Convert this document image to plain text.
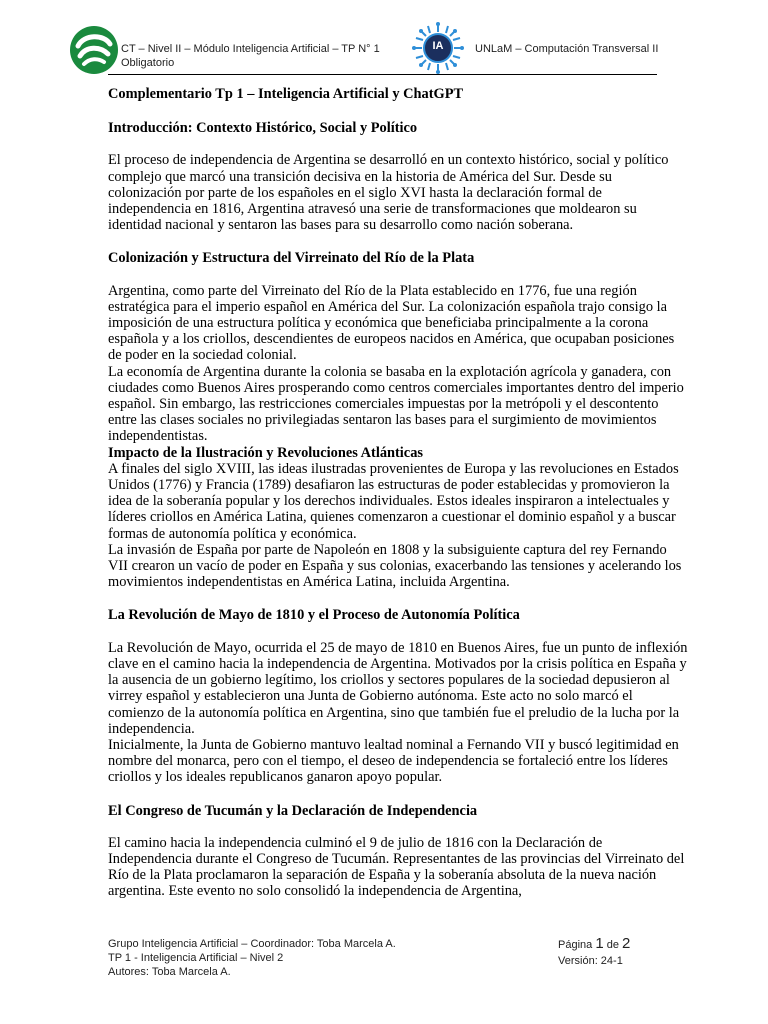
CT – Nivel II – Módulo Inteligencia Artificial – TP N° 1 Obligatorio
IA	UNLaM – Computación Transversal II
Complementario Tp 1 – Inteligencia Artificial y ChatGPT
Introducción: Contexto Histórico, Social y Político

El proceso de independencia de Argentina se desarrolló en un contexto histórico, social y político complejo que marcó una transición decisiva en la historia de América del Sur. Desde su colonización por parte de los españoles en el siglo XVI hasta la declaración formal de independencia en 1816, Argentina atravesó una serie de transformaciones que moldearon su identidad nacional y sentaron las bases para su desarrollo como nación soberana.

Colonización y Estructura del Virreinato del Río de la Plata

Argentina, como parte del Virreinato del Río de la Plata establecido en 1776, fue una región estratégica para el imperio español en América del Sur. La colonización española trajo consigo la imposición de una estructura política y económica que beneficiaba principalmente a la corona española y a los criollos, descendientes de europeos nacidos en América, que ocupaban posiciones de poder en la sociedad colonial.

La economía de Argentina durante la colonia se basaba en la explotación agrícola y ganadera, con ciudades como Buenos Aires prosperando como centros comerciales importantes dentro del imperio español. Sin embargo, las restricciones comerciales impuestas por la metrópoli y el descontento entre las clases sociales no privilegiadas sentaron las bases para el surgimiento de movimientos independentistas.

Impacto de la Ilustración y Revoluciones Atlánticas

A finales del siglo XVIII, las ideas ilustradas provenientes de Europa y las revoluciones en Estados Unidos (1776) y Francia (1789) desafiaron las estructuras de poder establecidas y promovieron la idea de la soberanía popular y los derechos individuales. Estos ideales inspiraron a intelectuales y líderes criollos en América Latina, quienes comenzaron a cuestionar el dominio español y a buscar formas de autonomía política y económica.

La invasión de España por parte de Napoleón en 1808 y la subsiguiente captura del rey Fernando VII crearon un vacío de poder en España y sus colonias, exacerbando las tensiones y acelerando los movimientos independentistas en América Latina, incluida Argentina.

La Revolución de Mayo de 1810 y el Proceso de Autonomía Política

La Revolución de Mayo, ocurrida el 25 de mayo de 1810 en Buenos Aires, fue un punto de inflexión clave en el camino hacia la independencia de Argentina. Motivados por la crisis política en España y la ausencia de un gobierno legítimo, los criollos y sectores populares de la sociedad depusieron al virrey español y establecieron una Junta de Gobierno autónoma. Este acto no solo marcó el comienzo de la autonomía política en Argentina, sino que también fue el preludio de la lucha por la independencia.

Inicialmente, la Junta de Gobierno mantuvo lealtad nominal a Fernando VII y buscó legitimidad en nombre del monarca, pero con el tiempo, el deseo de independencia se fortaleció entre los líderes criollos y los ideales republicanos ganaron apoyo popular.

El Congreso de Tucumán y la Declaración de Independencia

El camino hacia la independencia culminó el 9 de julio de 1816 con la Declaración de Independencia durante el Congreso de Tucumán. Representantes de las provincias del Virreinato del Río de la Plata proclamaron la separación de España y la soberanía absoluta de la nueva nación argentina. Este evento no solo consolidó la independencia de Argentina,

Grupo Inteligencia Artificial – Coordinador: Toba Marcela A.
TP 1 - Inteligencia Artificial – Nivel 2
Autores: Toba Marcela A.
Página 1 de 2
Versión: 24-1
